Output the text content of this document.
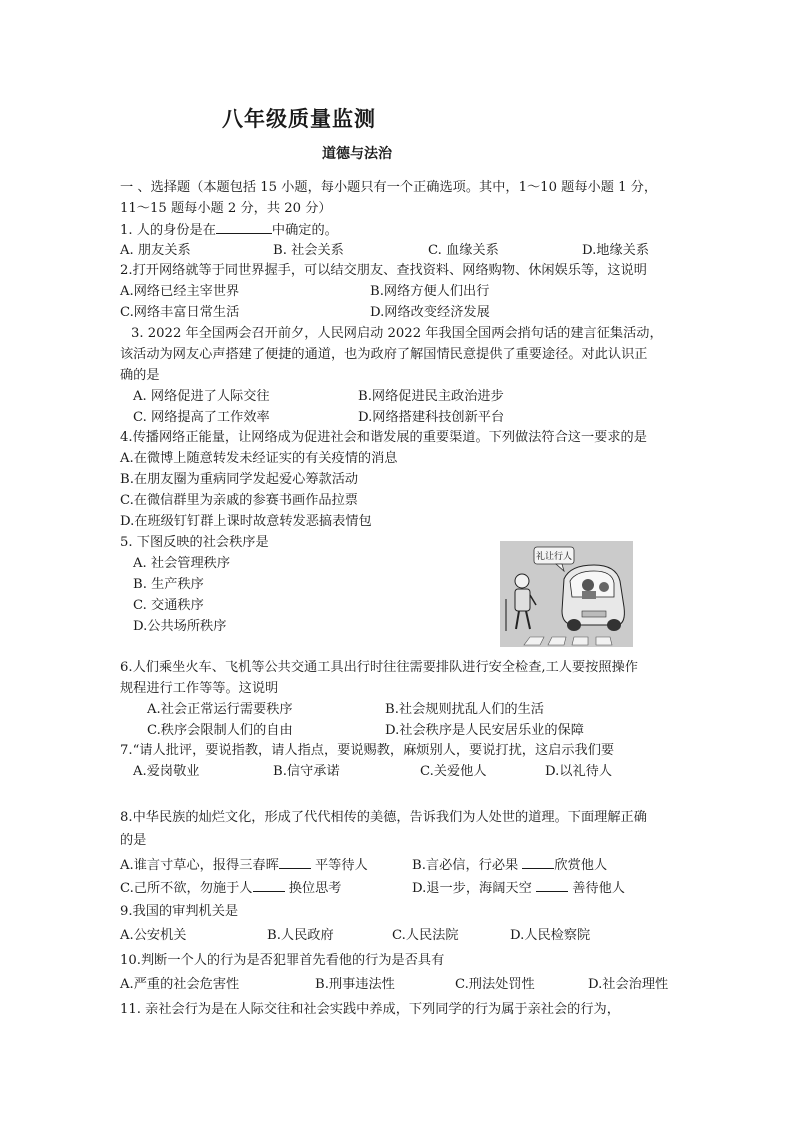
八年级质量监测
道德与法治
一 、选择题（本题包括 15 小题，每小题只有一个正确选项。其中，1～10 题每小题 1 分，
11～15 题每小题 2 分，共 20 分）
1. 人的身份是在	中确定的。
A. 朋友关系	B. 社会关系	C. 血缘关系	D.地缘关系
2.打开网络就等于同世界握手，可以结交朋友、查找资料、网络购物、休闲娱乐等，这说明
A.网络已经主宰世界	B.网络方便人们出行
C.网络丰富日常生活	D.网络改变经济发展
3. 2022 年全国两会召开前夕，人民网启动 2022 年我国全国两会捎句话的建言征集活动，
该活动为网友心声搭建了便捷的通道，也为政府了解国情民意提供了重要途径。对此认识正
确的是
A. 网络促进了人际交往	B.网络促进民主政治进步
C. 网络提高了工作效率	D.网络搭建科技创新平台
4.传播网络正能量，让网络成为促进社会和谐发展的重要渠道。下列做法符合这一要求的是
A.在微博上随意转发未经证实的有关疫情的消息
B.在朋友圈为重病同学发起爱心筹款活动
C.在微信群里为亲戚的参赛书画作品拉票
D.在班级钉钉群上课时故意转发恶搞表情包
5. 下图反映的社会秩序是
A. 社会管理秩序
B. 生产秩序
C. 交通秩序
D.公共场所秩序
礼让行人
6.人们乘坐火车、飞机等公共交通工具出行时往往需要排队进行安全检查,工人要按照操作
规程进行工作等等。这说明
A.社会正常运行需要秩序	B.社会规则扰乱人们的生活
C.秩序会限制人们的自由	D.社会秩序是人民安居乐业的保障
7.“请人批评，要说指教，请人指点，要说赐教，麻烦别人，要说打扰，这启示我们要
A.爱岗敬业	B.信守承诺	C.关爱他人	D.以礼待人
8.中华民族的灿烂文化，形成了代代相传的美德，告诉我们为人处世的道理。下面理解正确
的是
A.谁言寸草心，报得三春晖	平等待人	B.言必信，行必果	欣赏他人
C.己所不欲，勿施于人	换位思考	D.退一步，海阔天空	善待他人
9.我国的审判机关是
A.公安机关	B.人民政府	C.人民法院	D.人民检察院
10.判断一个人的行为是否犯罪首先看他的行为是否具有
A.严重的社会危害性	B.刑事违法性	C.刑法处罚性	D.社会治理性
11. 亲社会行为是在人际交往和社会实践中养成，下列同学的行为属于亲社会的行为，
